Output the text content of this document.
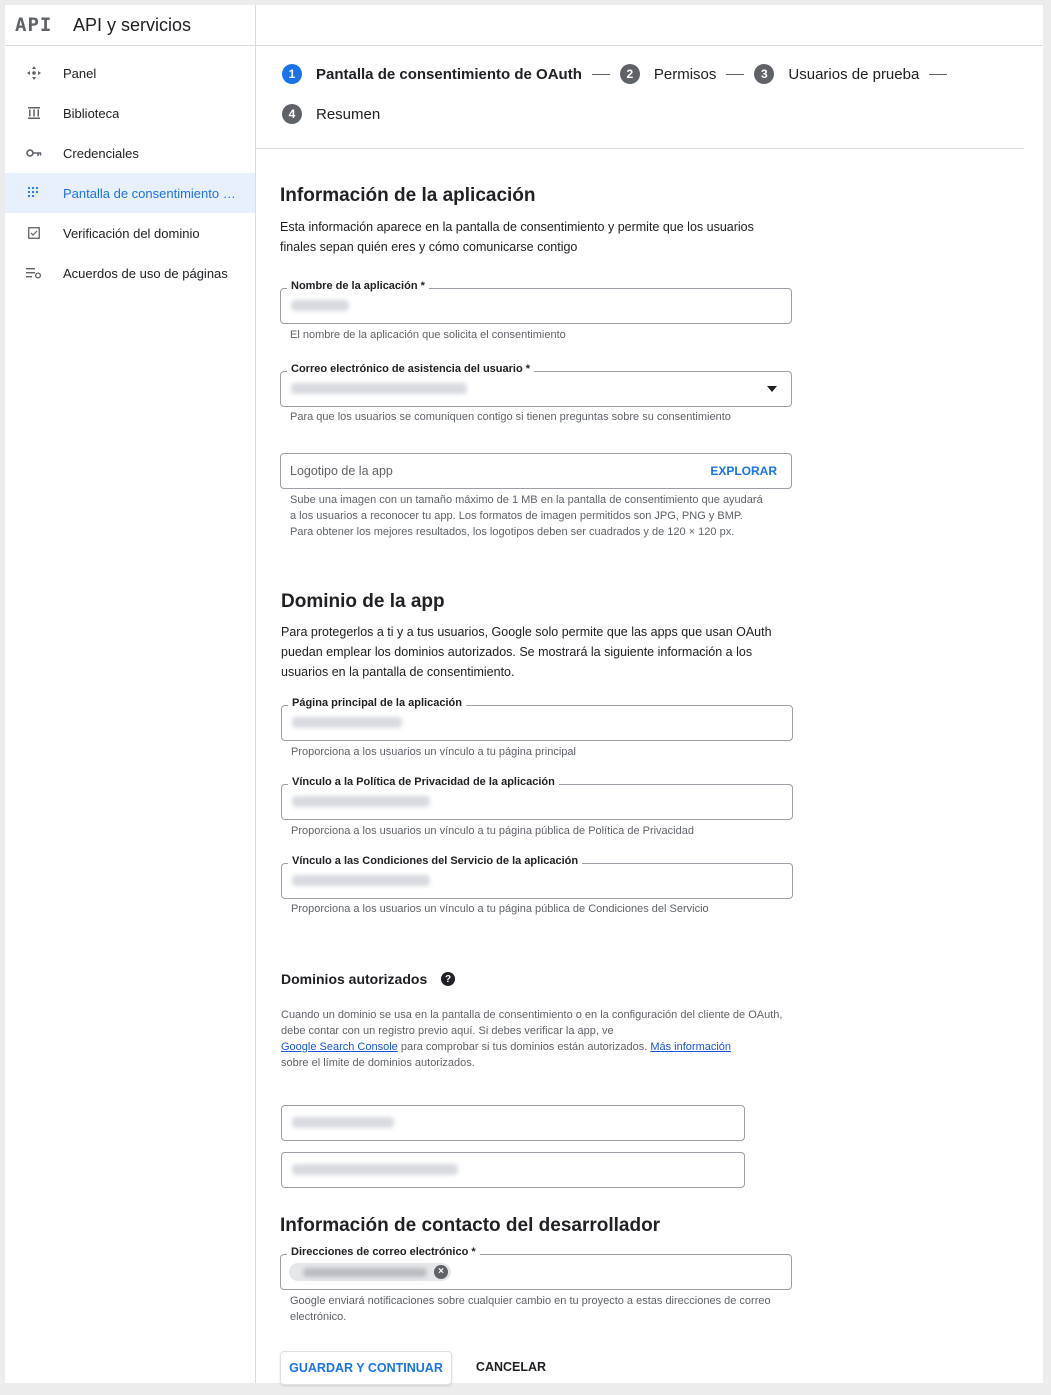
API	API y servicios
Panel
Biblioteca
Credenciales
Pantalla de consentimiento …
Verificación del dominio
Acuerdos de uso de páginas
1	Pantalla de consentimiento de OAuth	2	Permisos	3	Usuarios de prueba
4	Resumen
Información de la aplicación
Esta información aparece en la pantalla de consentimiento y permite que los usuarios finales sepan quién eres y cómo comunicarse contigo
Nombre de la aplicación *
El nombre de la aplicación que solicita el consentimiento
Correo electrónico de asistencia del usuario *
Para que los usuarios se comuniquen contigo si tienen preguntas sobre su consentimiento
Logotipo de la app	EXPLORAR
Sube una imagen con un tamaño máximo de 1 MB en la pantalla de consentimiento que ayudará a los usuarios a reconocer tu app. Los formatos de imagen permitidos son JPG, PNG y BMP. Para obtener los mejores resultados, los logotipos deben ser cuadrados y de 120 × 120 px.
Dominio de la app
Para protegerlos a ti y a tus usuarios, Google solo permite que las apps que usan OAuth puedan emplear los dominios autorizados. Se mostrará la siguiente información a los usuarios en la pantalla de consentimiento.
Página principal de la aplicación
Proporciona a los usuarios un vínculo a tu página principal
Vínculo a la Política de Privacidad de la aplicación
Proporciona a los usuarios un vínculo a tu página pública de Política de Privacidad
Vínculo a las Condiciones del Servicio de la aplicación
Proporciona a los usuarios un vínculo a tu página pública de Condiciones del Servicio
Dominios autorizados	?
Cuando un dominio se usa en la pantalla de consentimiento o en la configuración del cliente de OAuth, debe contar con un registro previo aquí. Si debes verificar la app, ve
Google Search Console para comprobar si tus dominios están autorizados. Más información
sobre el límite de dominios autorizados.
Información de contacto del desarrollador
Direcciones de correo electrónico *
×
Google enviará notificaciones sobre cualquier cambio en tu proyecto a estas direcciones de correo electrónico.
GUARDAR Y CONTINUAR	CANCELAR
